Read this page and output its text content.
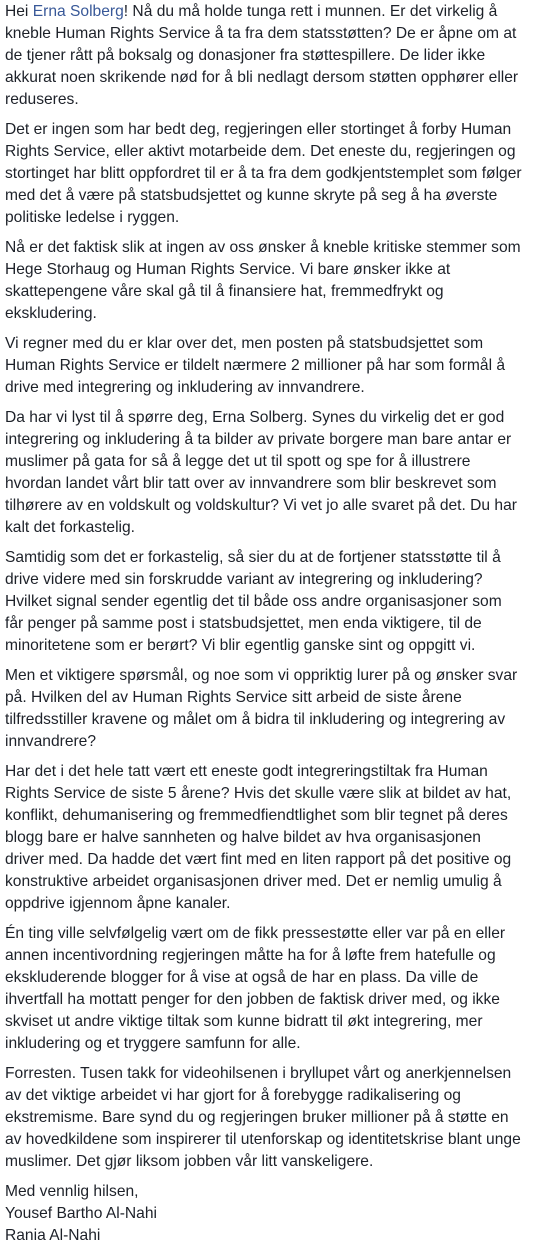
Hei Erna Solberg! Nå du må holde tunga rett i munnen. Er det virkelig å kneble Human Rights Service å ta fra dem statsstøtten? De er åpne om at de tjener rått på boksalg og donasjoner fra støttespillere. De lider ikke akkurat noen skrikende nød for å bli nedlagt dersom støtten opphører eller reduseres.

Det er ingen som har bedt deg, regjeringen eller stortinget å forby Human Rights Service, eller aktivt motarbeide dem. Det eneste du, regjeringen og stortinget har blitt oppfordret til er å ta fra dem godkjentstemplet som følger med det å være på statsbudsjettet og kunne skryte på seg å ha øverste politiske ledelse i ryggen.

Nå er det faktisk slik at ingen av oss ønsker å kneble kritiske stemmer som Hege Storhaug og Human Rights Service. Vi bare ønsker ikke at skattepengene våre skal gå til å finansiere hat, fremmedfrykt og ekskludering.

Vi regner med du er klar over det, men posten på statsbudsjettet som Human Rights Service er tildelt nærmere 2 millioner på har som formål å drive med integrering og inkludering av innvandrere.

Da har vi lyst til å spørre deg, Erna Solberg. Synes du virkelig det er god integrering og inkludering å ta bilder av private borgere man bare antar er muslimer på gata for så å legge det ut til spott og spe for å illustrere hvordan landet vårt blir tatt over av innvandrere som blir beskrevet som tilhørere av en voldskult og voldskultur? Vi vet jo alle svaret på det. Du har kalt det forkastelig.

Samtidig som det er forkastelig, så sier du at de fortjener statsstøtte til å drive videre med sin forskrudde variant av integrering og inkludering? Hvilket signal sender egentlig det til både oss andre organisasjoner som får penger på samme post i statsbudsjettet, men enda viktigere, til de minoritetene som er berørt? Vi blir egentlig ganske sint og oppgitt vi.

Men et viktigere spørsmål, og noe som vi oppriktig lurer på og ønsker svar på. Hvilken del av Human Rights Service sitt arbeid de siste årene tilfredsstiller kravene og målet om å bidra til inkludering og integrering av innvandrere?

Har det i det hele tatt vært ett eneste godt integreringstiltak fra Human Rights Service de siste 5 årene? Hvis det skulle være slik at bildet av hat, konflikt, dehumanisering og fremmedfiendtlighet som blir tegnet på deres blogg bare er halve sannheten og halve bildet av hva organisasjonen driver med. Da hadde det vært fint med en liten rapport på det positive og konstruktive arbeidet organisasjonen driver med. Det er nemlig umulig å oppdrive igjennom åpne kanaler.

Én ting ville selvfølgelig vært om de fikk pressestøtte eller var på en eller annen incentivordning regjeringen måtte ha for å løfte frem hatefulle og ekskluderende blogger for å vise at også de har en plass. Da ville de ihvertfall ha mottatt penger for den jobben de faktisk driver med, og ikke skviset ut andre viktige tiltak som kunne bidratt til økt integrering, mer inkludering og et tryggere samfunn for alle.

Forresten. Tusen takk for videohilsenen i bryllupet vårt og anerkjennelsen av det viktige arbeidet vi har gjort for å forebygge radikalisering og ekstremisme. Bare synd du og regjeringen bruker millioner på å støtte en av hovedkildene som inspirerer til utenforskap og identitetskrise blant unge muslimer. Det gjør liksom jobben vår litt vanskeligere.

Med vennlig hilsen,
Yousef Bartho Al-Nahi
Rania Al-Nahi
